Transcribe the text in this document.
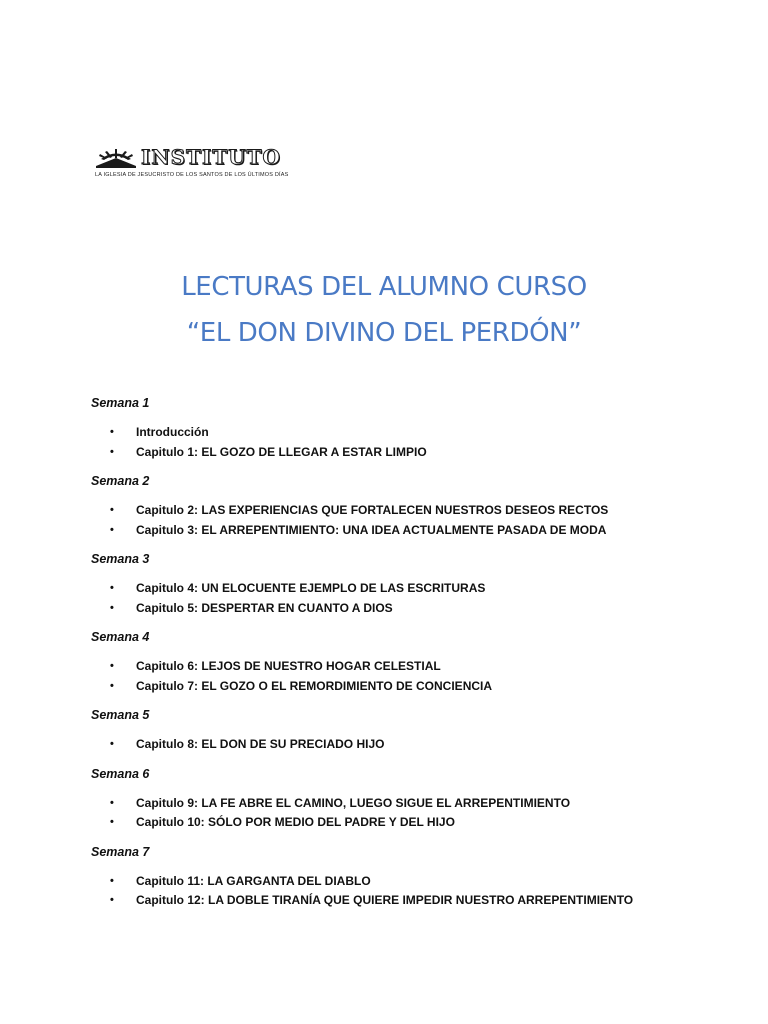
INSTITUTO
LA IGLESIA DE JESUCRISTO DE LOS SANTOS DE LOS ÚLTIMOS DÍAS
LECTURAS DEL ALUMNO CURSO
“EL DON DIVINO DEL PERDÓN”
Semana 1
•	Introducción
•	Capitulo 1: EL GOZO DE LLEGAR A ESTAR LIMPIO
Semana 2
•	Capitulo 2: LAS EXPERIENCIAS QUE FORTALECEN NUESTROS DESEOS RECTOS
•	Capitulo 3: EL ARREPENTIMIENTO: UNA IDEA ACTUALMENTE PASADA DE MODA
Semana 3
•	Capitulo 4: UN ELOCUENTE EJEMPLO DE LAS ESCRITURAS
•	Capitulo 5: DESPERTAR EN CUANTO A DIOS
Semana 4
•	Capitulo 6: LEJOS DE NUESTRO HOGAR CELESTIAL
•	Capitulo 7: EL GOZO O EL REMORDIMIENTO DE CONCIENCIA
Semana 5
•	Capitulo 8: EL DON DE SU PRECIADO HIJO
Semana 6
•	Capitulo 9: LA FE ABRE EL CAMINO, LUEGO SIGUE EL ARREPENTIMIENTO
•	Capitulo 10: SÓLO POR MEDIO DEL PADRE Y DEL HIJO
Semana 7
•	Capitulo 11: LA GARGANTA DEL DIABLO
•	Capitulo 12: LA DOBLE TIRANÍA QUE QUIERE IMPEDIR NUESTRO ARREPENTIMIENTO
